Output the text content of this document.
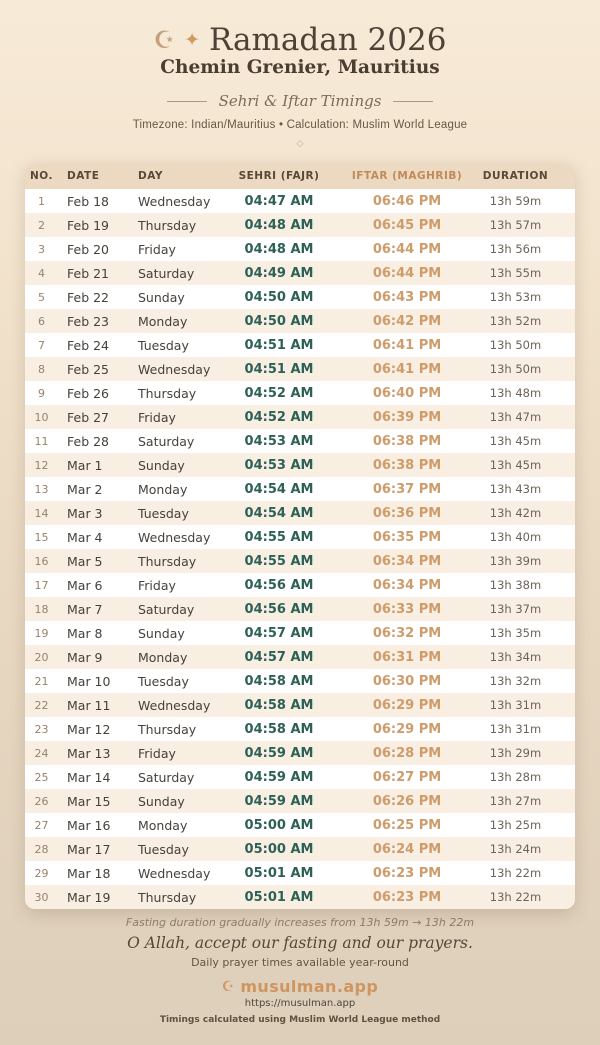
☪ ✦ Ramadan 2026
Chemin Grenier, Mauritius
Sehri & Iftar Timings
Timezone: Indian/Mauritius • Calculation: Muslim World League
◇
NO.	DATE	DAY	SEHRI (FAJR)	IFTAR (MAGHRIB)	DURATION
1	Feb 18	Wednesday	04:47 AM	06:46 PM	13h 59m
2	Feb 19	Thursday	04:48 AM	06:45 PM	13h 57m
3	Feb 20	Friday	04:48 AM	06:44 PM	13h 56m
4	Feb 21	Saturday	04:49 AM	06:44 PM	13h 55m
5	Feb 22	Sunday	04:50 AM	06:43 PM	13h 53m
6	Feb 23	Monday	04:50 AM	06:42 PM	13h 52m
7	Feb 24	Tuesday	04:51 AM	06:41 PM	13h 50m
8	Feb 25	Wednesday	04:51 AM	06:41 PM	13h 50m
9	Feb 26	Thursday	04:52 AM	06:40 PM	13h 48m
10	Feb 27	Friday	04:52 AM	06:39 PM	13h 47m
11	Feb 28	Saturday	04:53 AM	06:38 PM	13h 45m
12	Mar 1	Sunday	04:53 AM	06:38 PM	13h 45m
13	Mar 2	Monday	04:54 AM	06:37 PM	13h 43m
14	Mar 3	Tuesday	04:54 AM	06:36 PM	13h 42m
15	Mar 4	Wednesday	04:55 AM	06:35 PM	13h 40m
16	Mar 5	Thursday	04:55 AM	06:34 PM	13h 39m
17	Mar 6	Friday	04:56 AM	06:34 PM	13h 38m
18	Mar 7	Saturday	04:56 AM	06:33 PM	13h 37m
19	Mar 8	Sunday	04:57 AM	06:32 PM	13h 35m
20	Mar 9	Monday	04:57 AM	06:31 PM	13h 34m
21	Mar 10	Tuesday	04:58 AM	06:30 PM	13h 32m
22	Mar 11	Wednesday	04:58 AM	06:29 PM	13h 31m
23	Mar 12	Thursday	04:58 AM	06:29 PM	13h 31m
24	Mar 13	Friday	04:59 AM	06:28 PM	13h 29m
25	Mar 14	Saturday	04:59 AM	06:27 PM	13h 28m
26	Mar 15	Sunday	04:59 AM	06:26 PM	13h 27m
27	Mar 16	Monday	05:00 AM	06:25 PM	13h 25m
28	Mar 17	Tuesday	05:00 AM	06:24 PM	13h 24m
29	Mar 18	Wednesday	05:01 AM	06:23 PM	13h 22m
30	Mar 19	Thursday	05:01 AM	06:23 PM	13h 22m
Fasting duration gradually increases from 13h 59m → 13h 22m
O Allah, accept our fasting and our prayers.
Daily prayer times available year-round
☪ musulman.app
https://musulman.app
Timings calculated using Muslim World League method
